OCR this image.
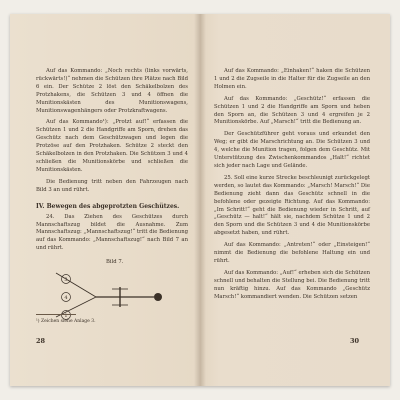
Auf das Kommando: „Noch rechts (links vorwärts, rückwärts!)“ nehmen die Schützen ihre Plätze nach Bild 6 ein. Der Schütze 2 löst den Schäkelbolzen des Protzhakens, die Schützen 3 und 4 öffnen die Munitionskästen des Munitionswagens, Munitionswagenhängers oder Protzkraftwagens.

Auf das Kommando¹): „Protzt auf!“ erfassen die Schützen 1 und 2 die Handgriffe am Sporn, drehen das Geschütz nach dem Geschützwagen und legen die Protzöse auf den Protzhaken. Schütze 2 steckt den Schäkelbolzen in den Protzhaken. Die Schützen 3 und 4 schließen die Munitionskörbe und schließen die Munitionskästen.

Die Bedienung tritt neben den Fahrzeugen nach Bild 3 an und rührt.

IV. Bewegen des abgeprotzten Geschützes.

24. Das Ziehen des Geschützes durch Mannschaftszug bildet die Ausnahme. Zum Mannschaftszug: „Mannschaftszug!“ tritt die Bedienung auf das Kommando: „Mannschaftszug!“ nach Bild 7 an und rührt.

Bild 7.
3
4
1
¹) Zeichen siehe Anlage 3.
28

Auf das Kommando: „Einhaken!“ haken die Schützen 1 und 2 die Zugseile in die Halter für die Zugseile an den Holmen ein.

Auf das Kommando: „Geschütz!“ erfassen die Schützen 1 und 2 die Handgriffe am Sporn und heben den Sporn an, die Schützen 3 und 4 ergreifen je 2 Munitionskörbe. Auf „Marsch!“ tritt die Bedienung an.

Der Geschützführer geht voraus und erkundet den Weg; er gibt die Marschrichtung an. Die Schützen 3 und 4, welche die Munition tragen, folgen dem Geschütz. Mit Unterstützung des Zwischenkommandos „Halt!“ richtet sich jeder nach Lage und Gelände.

25. Soll eine kurze Strecke beschleunigt zurückgelegt werden, so lautet das Kommando: „Marsch! Marsch!“ Die Bedienung zieht dann das Geschütz schnell in die befohlene oder gezeigte Richtung. Auf das Kommando: „Im Schritt!“ geht die Bedienung wieder in Schritt, auf „Geschütz — halt!“ hält sie, nachdem Schütze 1 und 2 den Sporn und die Schützen 3 und 4 die Munitionskörbe abgesetzt haben, und rührt.

Auf das Kommando: „Antreten!“ oder „Einsteigen!“ nimmt die Bedienung die befohlene Haltung ein und rührt.

Auf das Kommando: „Auf!“ erheben sich die Schützen schnell und behalten die Stellung bei. Die Bedienung tritt nun kräftig hinzu. Auf das Kommando „Geschütz Marsch!“ kommandiert wenden. Die Schützen setzen

30
